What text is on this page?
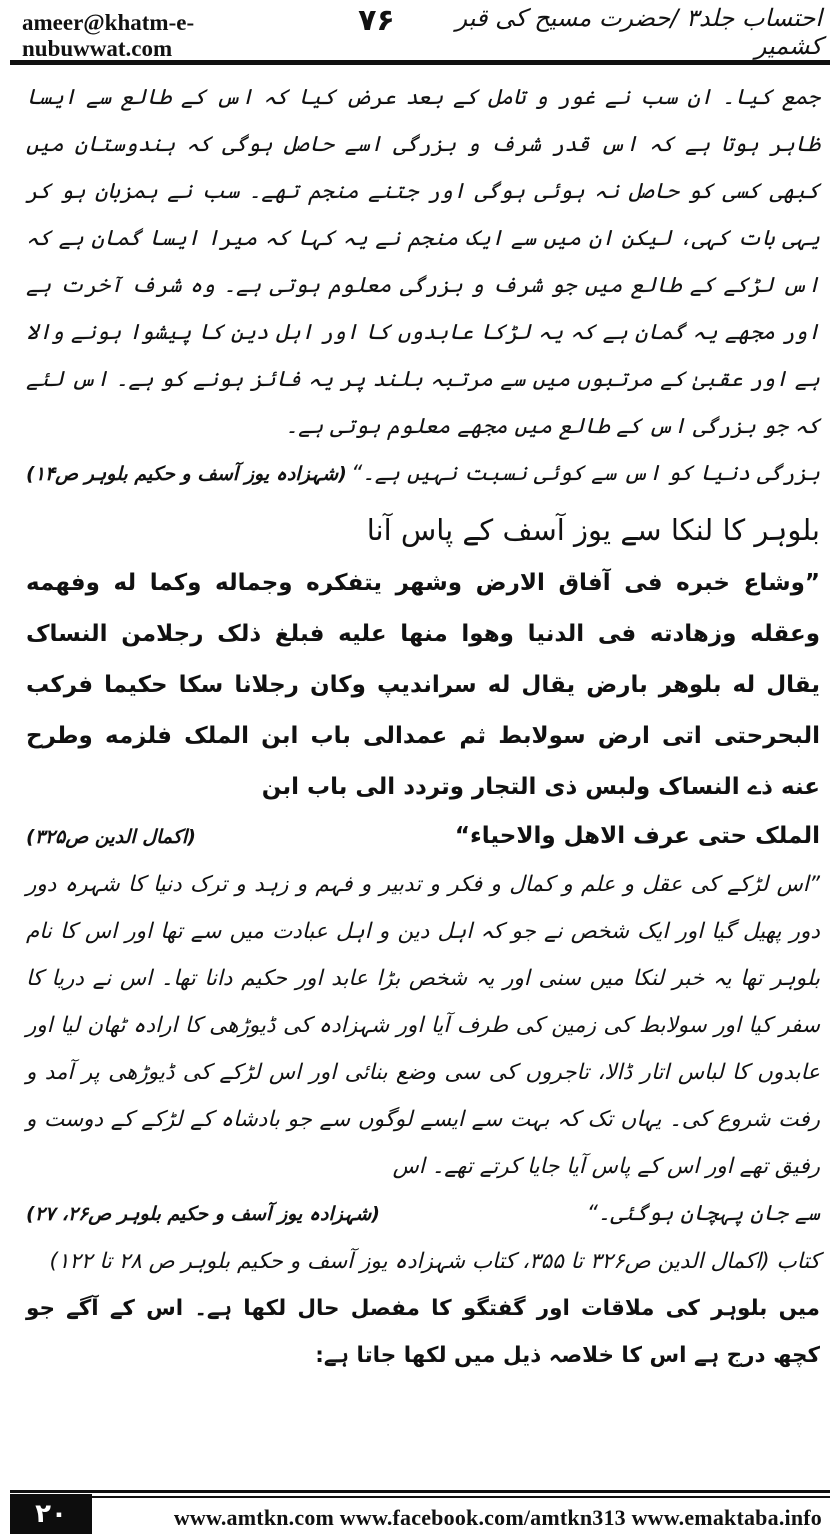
ameer@khatm-e-nubuwwat.com
۷۶	احتساب جلد۳ /حضرت مسیح کی قبر کشمیر

جمع کیا۔ ان سب نے غور و تامل کے بعد عرض کیا کہ اس کے طالع سے ایسا ظاہر ہوتا ہے کہ اس قدر شرف و بزرگی اسے حاصل ہوگی کہ ہندوستان میں کبھی کسی کو حاصل نہ ہوئی ہوگی اور جتنے منجم تھے۔ سب نے ہمزبان ہو کر یہی بات کہی، لیکن ان میں سے ایک منجم نے یہ کہا کہ میرا ایسا گمان ہے کہ اس لڑکے کے طالع میں جو شرف و بزرگی معلوم ہوتی ہے۔ وہ شرف آخرت ہے اور مجھے یہ گمان ہے کہ یہ لڑکا عابدوں کا اور اہل دین کا پیشوا ہونے والا ہے اور عقبیٰ کے مرتبوں میں سے مرتبہ بلند پر یہ فائز ہونے کو ہے۔ اس لئے کہ جو بزرگی اس کے طالع میں مجھے معلوم ہوتی ہے۔

بزرگی دنیا کو اس سے کوئی نسبت نہیں ہے۔“
(شہزادہ یوز آسف و حکیم بلوہر ص۱۴)
بلوہر کا لنکا سے یوز آسف کے پاس آنا

”وشاع خبره فی آفاق الارض وشهر يتفكره وجماله وكما له وفهمه وعقله وزهادته فی الدنیا وهوا منها علیه فبلغ ذلک رجلامن النساک یقال له بلوهر بارض یقال له سرانديپ وكان رجلانا سكا حكیما فركب البحرحتی اتی ارض سولابط ثم عمدالی باب ابن الملک فلزمه وطرح عنه ذے النساک ولبس ذی التجار وتردد الی باب ابن

الملک حتی عرف الاهل والاحیاء“
(اکمال الدین ص۳۲۵)

”اس لڑکے کی عقل و علم و کمال و فکر و تدبیر و فہم و زہد و ترک دنیا کا شہرہ دور دور پھیل گیا اور ایک شخص نے جو کہ اہل دین و اہل عبادت میں سے تھا اور اس کا نام بلوہر تھا یہ خبر لنکا میں سنی اور یہ شخص بڑا عابد اور حکیم دانا تھا۔ اس نے دریا کا سفر کیا اور سولابط کی زمین کی طرف آیا اور شہزادہ کی ڈیوڑھی کا ارادہ ٹھان لیا اور عابدوں کا لباس اتار ڈالا، تاجروں کی سی وضع بنائی اور اس لڑکے کی ڈیوڑھی پر آمد و رفت شروع کی۔ یہاں تک کہ بہت سے ایسے لوگوں سے جو بادشاہ کے لڑکے کے دوست و رفیق تھے اور اس کے پاس آیا جایا کرتے تھے۔ اس

سے جان پہچان ہوگئی۔“
(شہزادہ یوز آسف و حکیم بلوہر ص۲۶، ۲۷)

کتاب (اکمال الدین ص۳۲۶ تا ۳۵۵، کتاب شہزادہ یوز آسف و حکیم بلوہر ص ۲۸ تا ۱۲۲)

میں بلوہر کی ملاقات اور گفتگو کا مفصل حال لکھا ہے۔ اس کے آگے جو کچھ درج ہے اس کا خلاصہ ذیل میں لکھا جاتا ہے:

۲۰	www.amtkn.com www.facebook.com/amtkn313 www.emaktaba.info
